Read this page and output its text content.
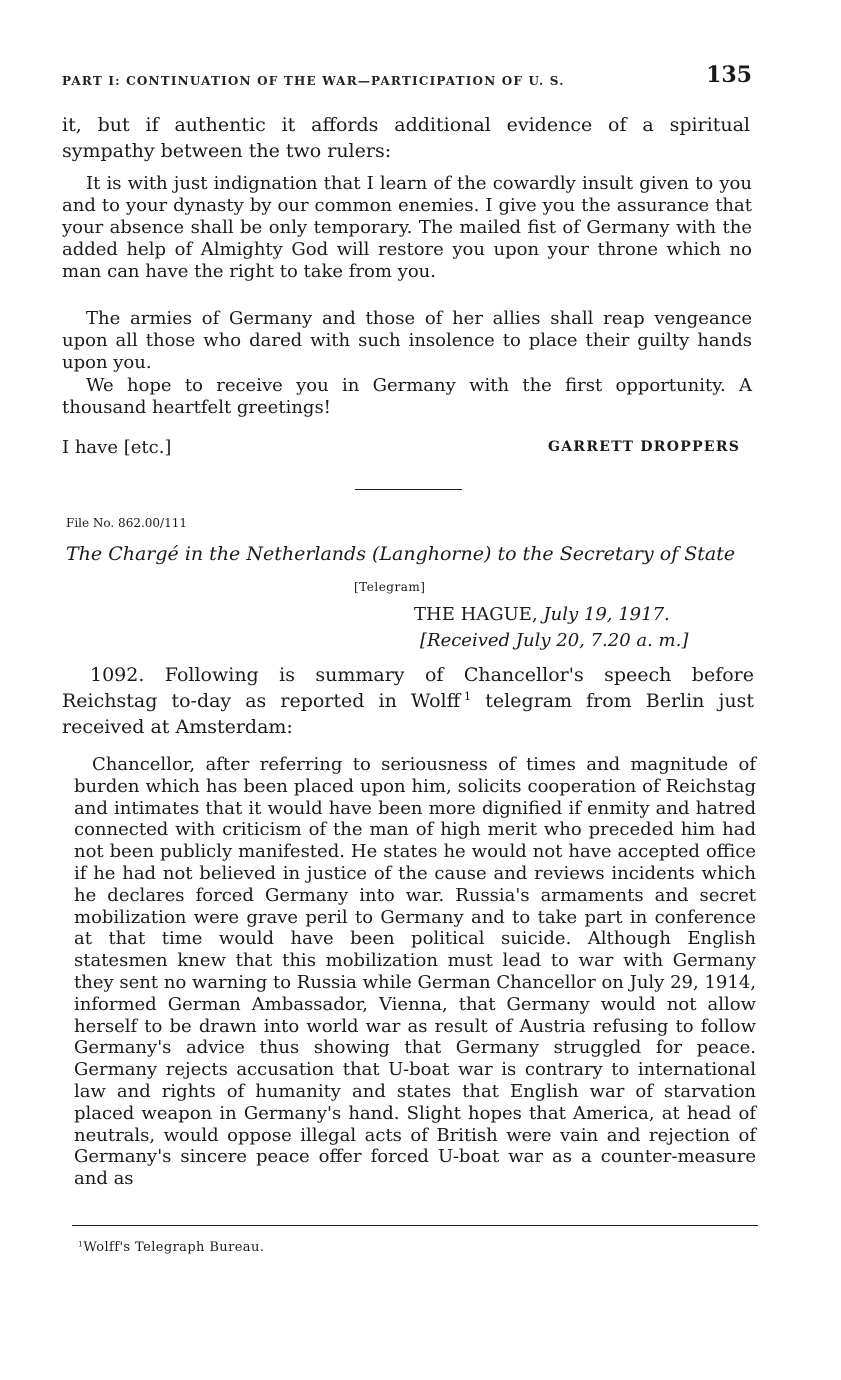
PART I: CONTINUATION OF THE WAR—PARTICIPATION OF U. S.	135

it, but if authentic it affords additional evidence of a spiritual sympathy between the two rulers:

It is with just indignation that I learn of the cowardly insult given to you and to your dynasty by our common enemies. I give you the assurance that your absence shall be only temporary. The mailed fist of Germany with the added help of Almighty God will restore you upon your throne which no man can have the right to take from you.

The armies of Germany and those of her allies shall reap vengeance upon all those who dared with such insolence to place their guilty hands upon you.

We hope to receive you in Germany with the first opportunity. A thousand heartfelt greetings!

I have [etc.]	GARRETT DROPPERS
File No. 862.00/111
The Chargé in the Netherlands (Langhorne) to the Secretary of State
[Telegram]
THE HAGUE, July 19, 1917.
[Received July 20, 7.20 a. m.]

1092. Following is summary of Chancellor's speech before Reichstag to-day as reported in Wolff  $^1$ telegram from Berlin just received at Amsterdam:

Chancellor, after referring to seriousness of times and magnitude of burden which has been placed upon him, solicits cooperation of Reichstag and intimates that it would have been more dignified if enmity and hatred connected with criticism of the man of high merit who preceded him had not been publicly manifested. He states he would not have accepted office if he had not believed in justice of the cause and reviews incidents which he declares forced Germany into war. Russia's armaments and secret mobilization were grave peril to Germany and to take part in conference at that time would have been political suicide. Although English statesmen knew that this mobilization must lead to war with Germany they sent no warning to Russia while German Chancellor on July 29, 1914, informed German Ambassador, Vienna, that Germany would not allow herself to be drawn into world war as result of Austria refusing to follow Germany's advice thus showing that Germany struggled for peace. Germany rejects accusation that U-boat war is contrary to international law and rights of humanity and states that English war of starvation placed weapon in Germany's hand. Slight hopes that America, at head of neutrals, would oppose illegal acts of British were vain and rejection of Germany's sincere peace offer forced U-boat war as a counter-measure and as

$^1$Wolff's Telegraph Bureau.
